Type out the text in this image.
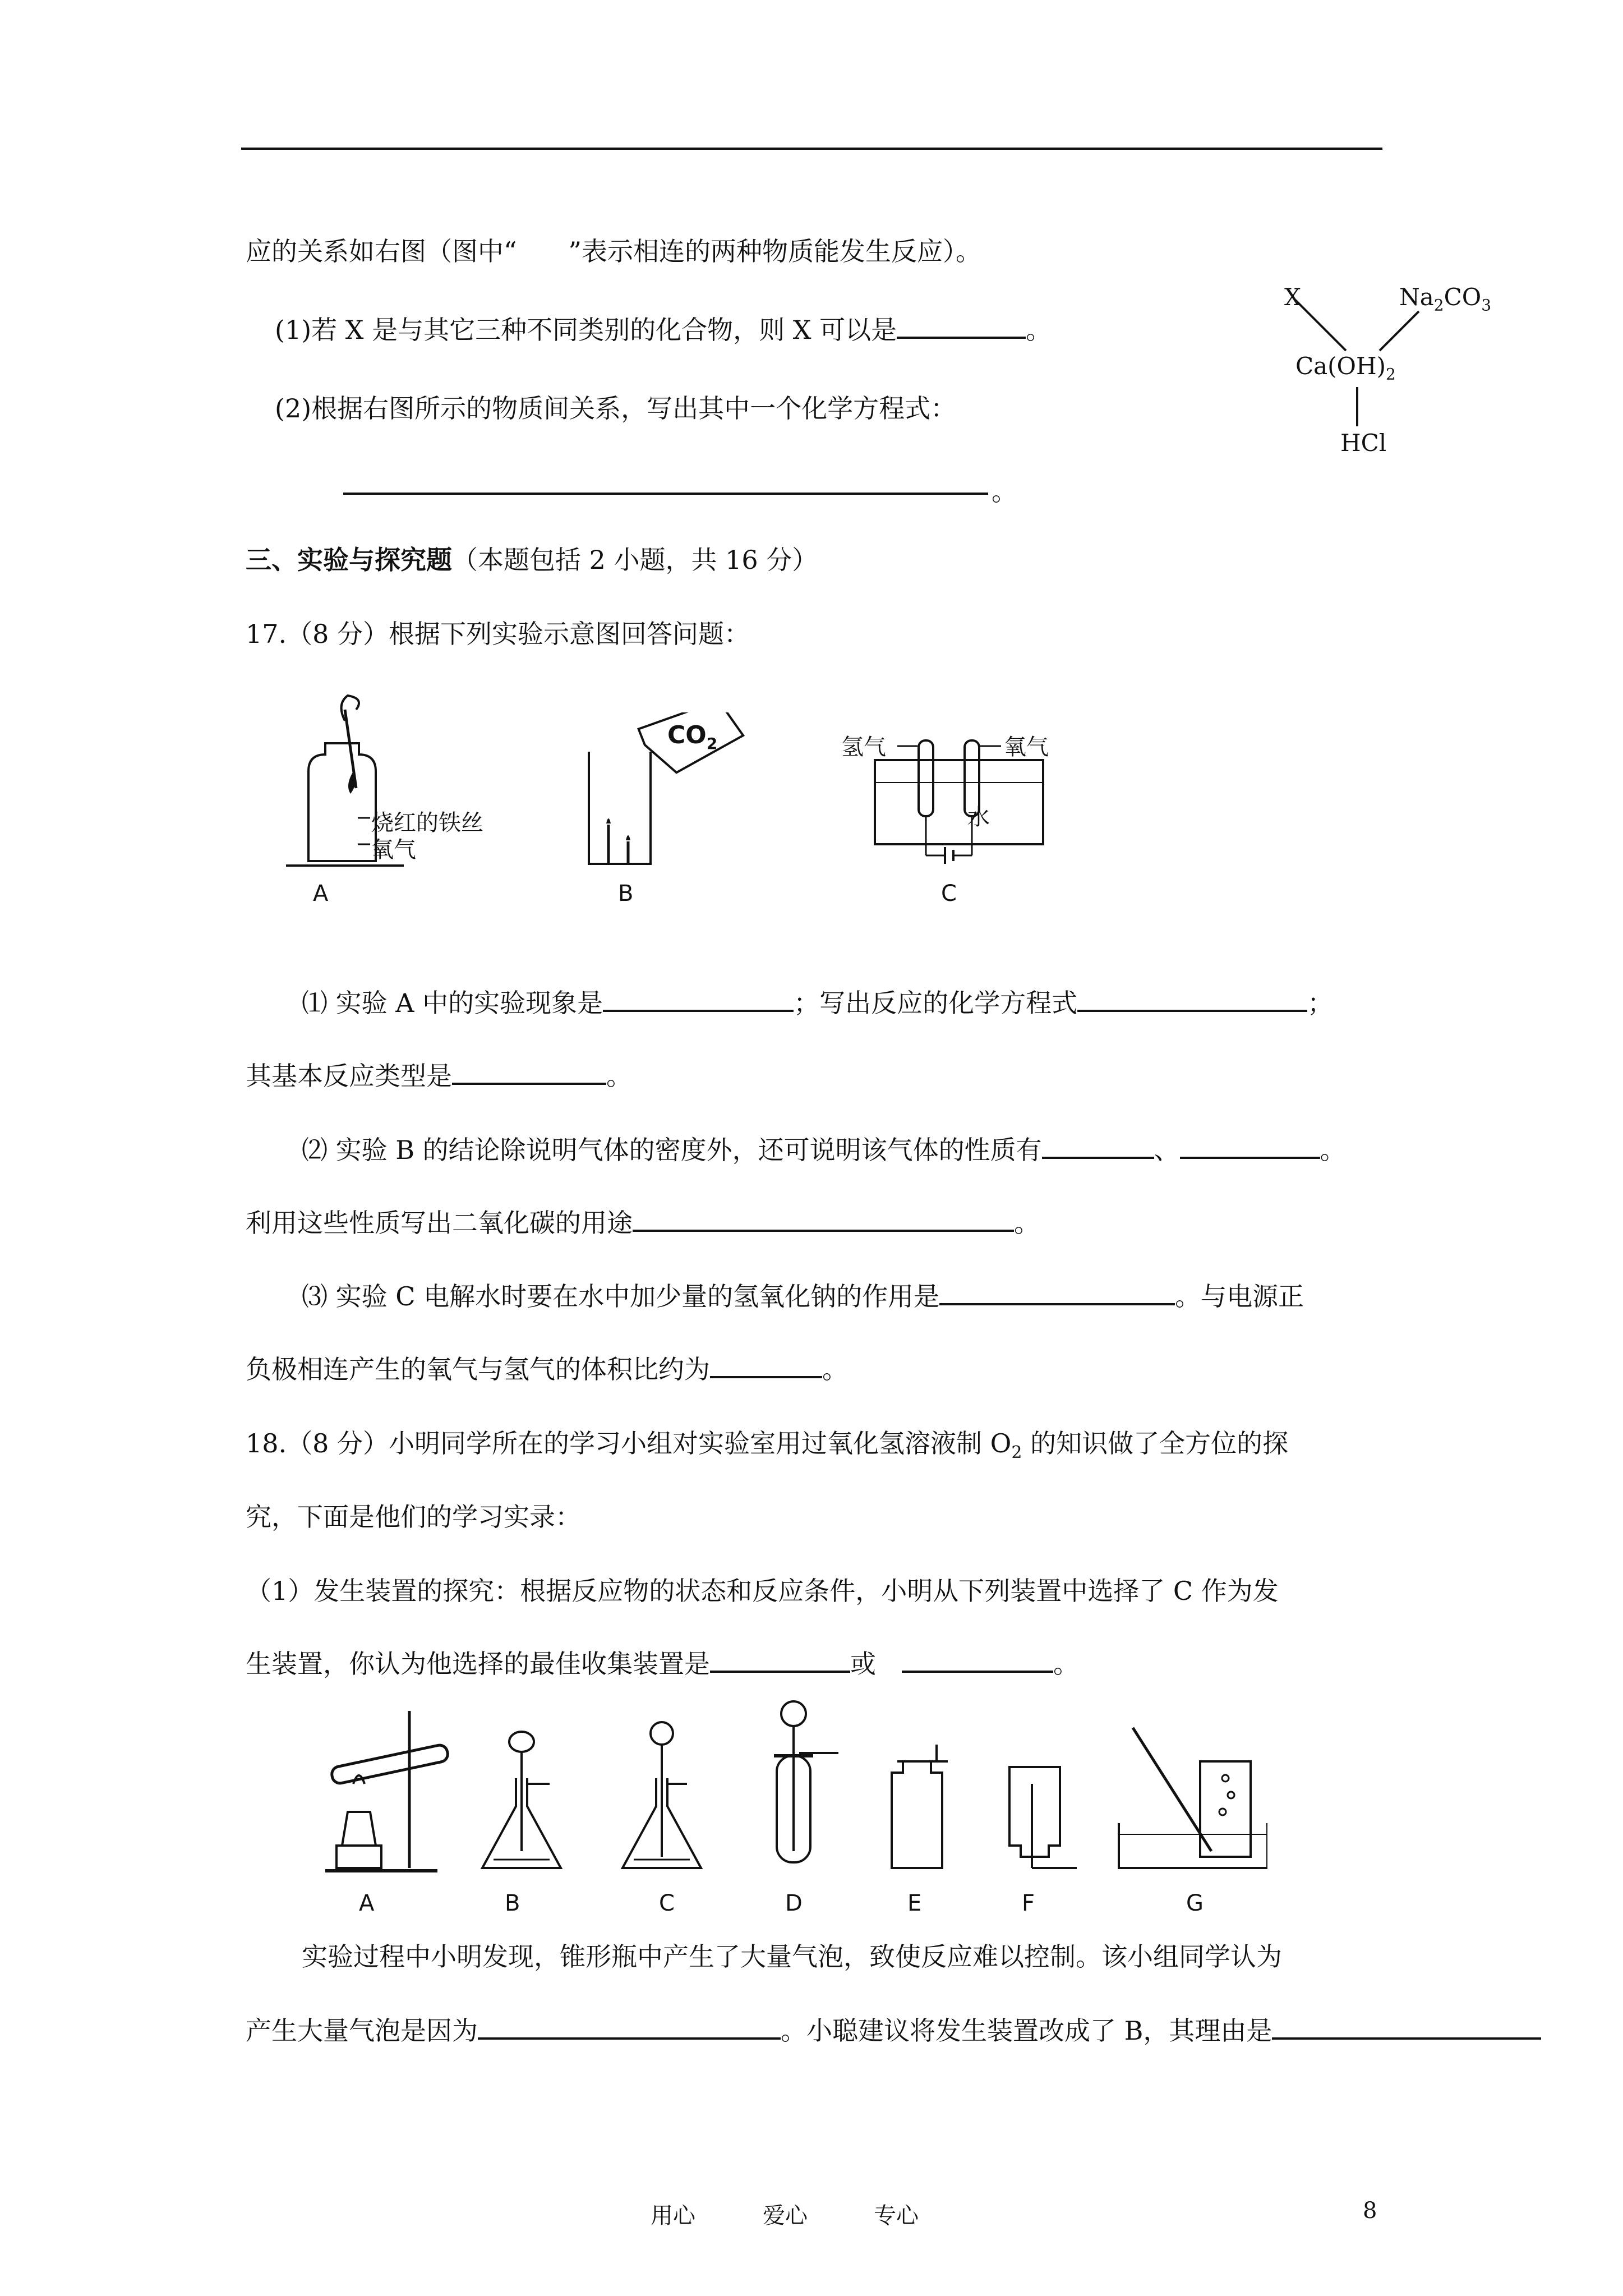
应的关系如右图（图中“　　”表示相连的两种物质能发生反应）。
(1)若 X 是与其它三种不同类别的化合物，则 X 可以是	。
(2)根据右图所示的物质间关系，写出其中一个化学方程式：
。
X	$Na_2CO_3$
$Ca(OH)_2$
HCl
三、实验与探究题（本题包括 2 小题，共 16 分）
17.（8 分）根据下列实验示意图回答问题：
烧红的铁丝
氧气
A
$CO_2$
B
氢气	氧气
水
C
⑴ 实验 A 中的实验现象是	；写出反应的化学方程式	；
其基本反应类型是	。
⑵ 实验 B 的结论除说明气体的密度外，还可说明该气体的性质有	、	。
利用这些性质写出二氧化碳的用途	。
⑶ 实验 C 电解水时要在水中加少量的氢氧化钠的作用是	。与电源正
负极相连产生的氧气与氢气的体积比约为	。
18.（8 分）小明同学所在的学习小组对实验室用过氧化氢溶液制 $O_2$ 的知识做了全方位的探
究，下面是他们的学习实录：
（1）发生装置的探究：根据反应物的状态和反应条件，小明从下列装置中选择了 C 作为发
生装置，你认为他选择的最佳收集装置是	或　	。
A	B	C	D	E	F	G
实验过程中小明发现，锥形瓶中产生了大量气泡，致使反应难以控制。该小组同学认为
产生大量气泡是因为	。小聪建议将发生装置改成了 B，其理由是
用心	爱心	专心	8
